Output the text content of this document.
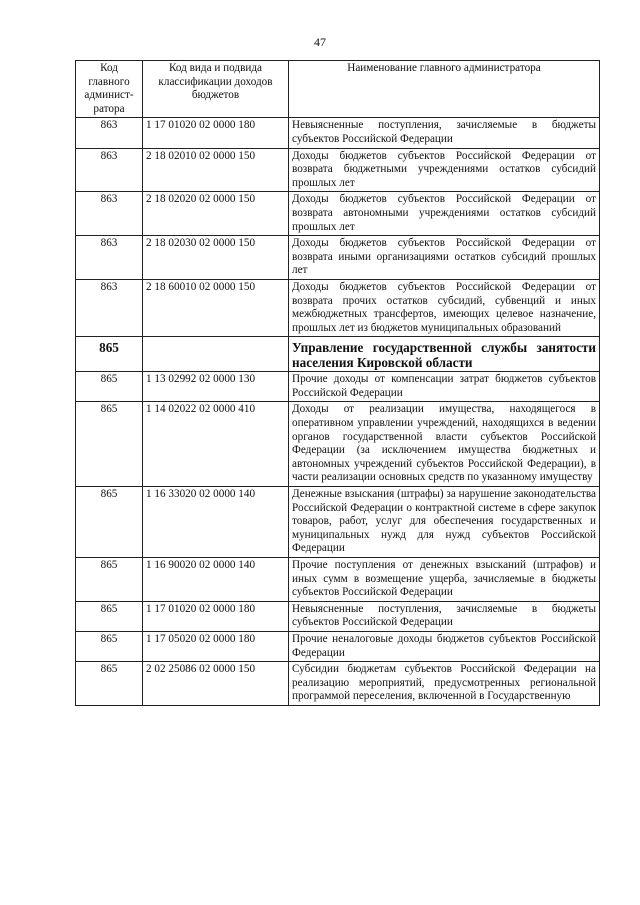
47
Код главного админист-ратора	Код вида и подвида классификации доходов бюджетов	Наименование главного администратора
863	1 17 01020 02 0000 180	Невыясненные поступления, зачисляемые в бюджеты субъектов Российской Федерации
863	2 18 02010 02 0000 150	Доходы бюджетов субъектов Российской Федерации от возврата бюджетными учреждениями остатков субсидий прошлых лет
863	2 18 02020 02 0000 150	Доходы бюджетов субъектов Российской Федерации от возврата автономными учреждениями остатков субсидий прошлых лет
863	2 18 02030 02 0000 150	Доходы бюджетов субъектов Российской Федерации от возврата иными организациями остатков субсидий прошлых лет
863	2 18 60010 02 0000 150	Доходы бюджетов субъектов Российской Федерации от возврата прочих остатков субсидий, субвенций и иных межбюджетных трансфертов, имеющих целевое назначение, прошлых лет из бюджетов муниципальных образований
865		Управление государственной службы занятости населения Кировской области
865	1 13 02992 02 0000 130	Прочие доходы от компенсации затрат бюджетов субъектов Российской Федерации
865	1 14 02022 02 0000 410	Доходы от реализации имущества, находящегося в оперативном управлении учреждений, находящихся в ведении органов государственной власти субъектов Российской Федерации (за исключением имущества бюджетных и автономных учреждений субъектов Российской Федерации), в части реализации основных средств по указанному имуществу
865	1 16 33020 02 0000 140	Денежные взыскания (штрафы) за нарушение законодательства Российской Федерации о контрактной системе в сфере закупок товаров, работ, услуг для обеспечения государственных и муниципальных нужд для нужд субъектов Российской Федерации
865	1 16 90020 02 0000 140	Прочие поступления от денежных взысканий (штрафов) и иных сумм в возмещение ущерба, зачисляемые в бюджеты субъектов Российской Федерации
865	1 17 01020 02 0000 180	Невыясненные поступления, зачисляемые в бюджеты субъектов Российской Федерации
865	1 17 05020 02 0000 180	Прочие неналоговые доходы бюджетов субъектов Российской Федерации
865	2 02 25086 02 0000 150	Субсидии бюджетам субъектов Российской Федерации на реализацию мероприятий, предусмотренных региональной программой переселения, включенной в Государственную
